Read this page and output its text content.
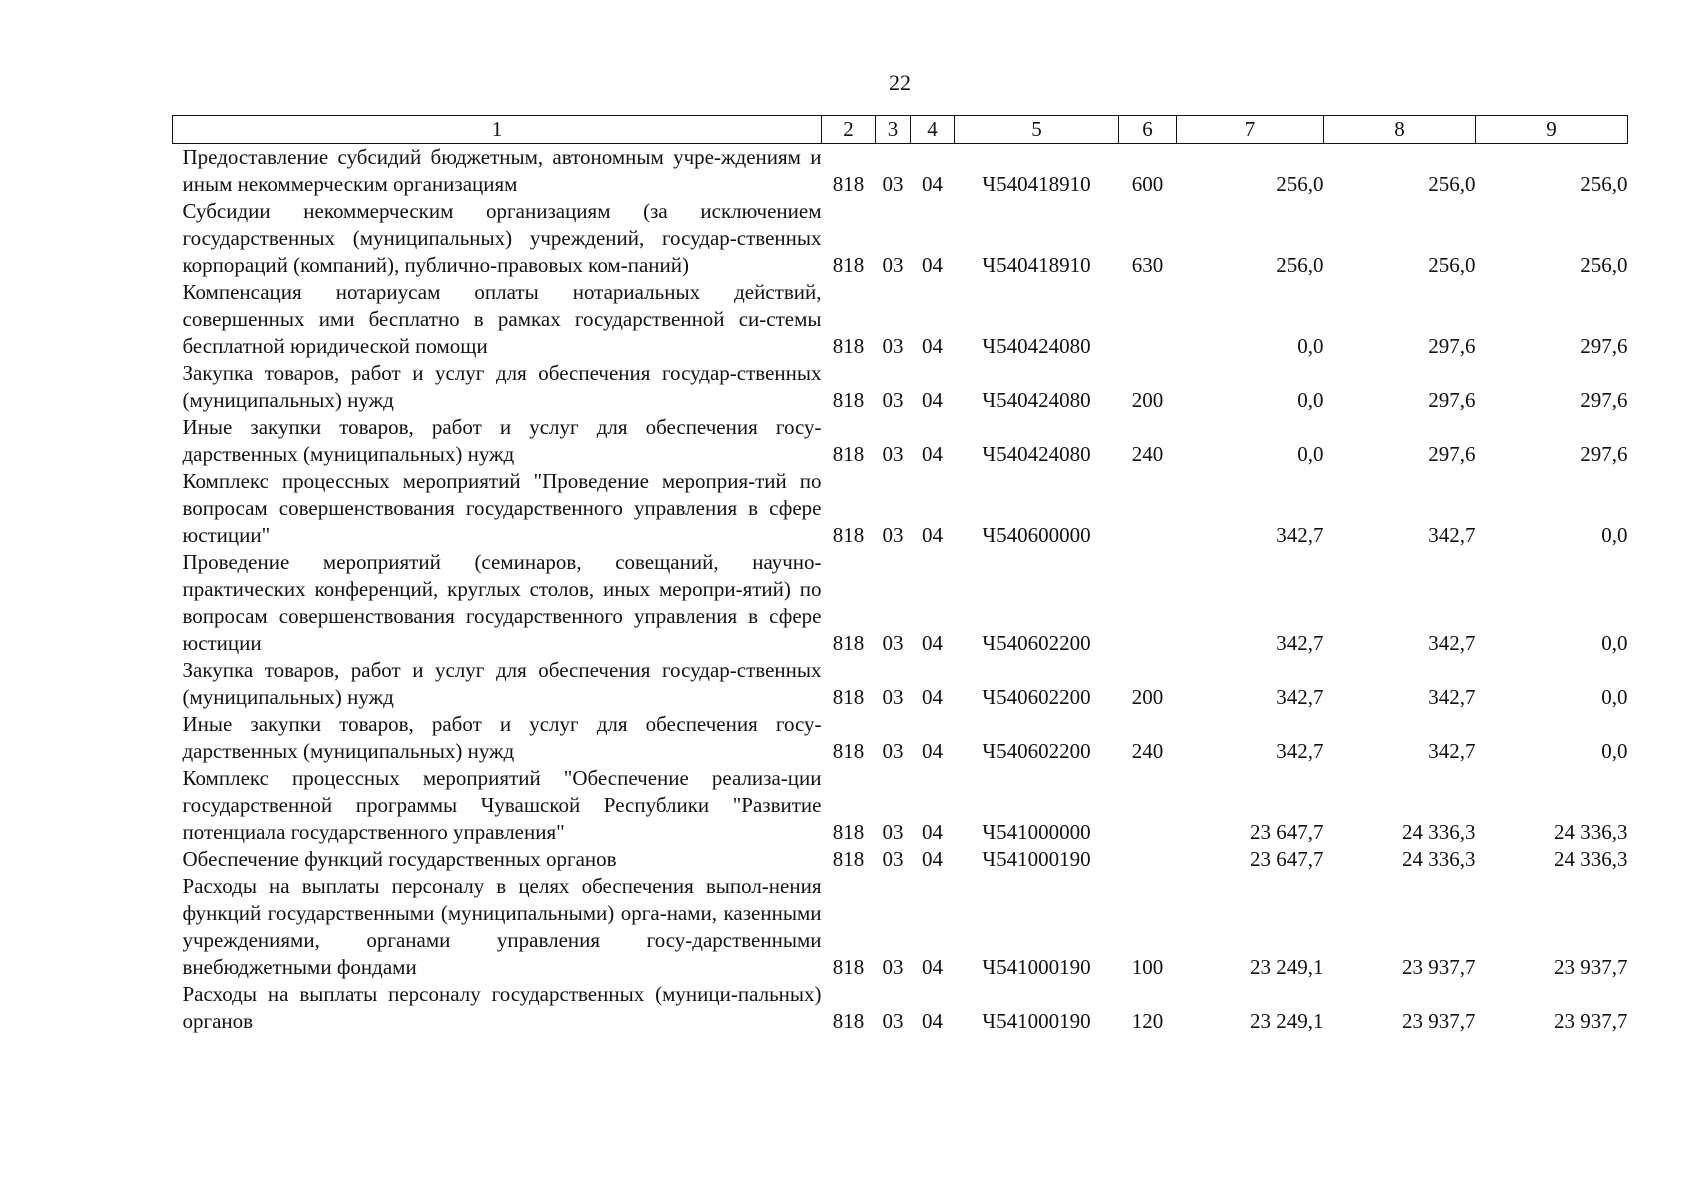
22
1	2	3	4	5	6	7	8	9
Предоставление субсидий бюджетным, автономным учре-ждениям и иным некоммерческим организациям	818	03	04	Ч540418910	600	256,0	256,0	256,0
Субсидии некоммерческим организациям (за исключением государственных (муниципальных) учреждений, государ-ственных корпораций (компаний), публично-правовых ком-паний)	818	03	04	Ч540418910	630	256,0	256,0	256,0
Компенсация нотариусам оплаты нотариальных действий, совершенных ими бесплатно в рамках государственной си-стемы бесплатной юридической помощи	818	03	04	Ч540424080		0,0	297,6	297,6
Закупка товаров, работ и услуг для обеспечения государ-ственных (муниципальных) нужд	818	03	04	Ч540424080	200	0,0	297,6	297,6
Иные закупки товаров, работ и услуг для обеспечения госу-дарственных (муниципальных) нужд	818	03	04	Ч540424080	240	0,0	297,6	297,6
Комплекс процессных мероприятий "Проведение мероприя-тий по вопросам совершенствования государственного управления в сфере юстиции"	818	03	04	Ч540600000		342,7	342,7	0,0
Проведение мероприятий (семинаров, совещаний, научно-практических конференций, круглых столов, иных меропри-ятий) по вопросам совершенствования государственного управления в сфере юстиции	818	03	04	Ч540602200		342,7	342,7	0,0
Закупка товаров, работ и услуг для обеспечения государ-ственных (муниципальных) нужд	818	03	04	Ч540602200	200	342,7	342,7	0,0
Иные закупки товаров, работ и услуг для обеспечения госу-дарственных (муниципальных) нужд	818	03	04	Ч540602200	240	342,7	342,7	0,0
Комплекс процессных мероприятий "Обеспечение реализа-ции государственной программы Чувашской Республики "Развитие потенциала государственного управления"	818	03	04	Ч541000000		23 647,7	24 336,3	24 336,3
Обеспечение функций государственных органов	818	03	04	Ч541000190		23 647,7	24 336,3	24 336,3
Расходы на выплаты персоналу в целях обеспечения выпол-нения функций государственными (муниципальными) орга-нами, казенными учреждениями, органами управления госу-дарственными внебюджетными фондами	818	03	04	Ч541000190	100	23 249,1	23 937,7	23 937,7
Расходы на выплаты персоналу государственных (муници-пальных) органов	818	03	04	Ч541000190	120	23 249,1	23 937,7	23 937,7
